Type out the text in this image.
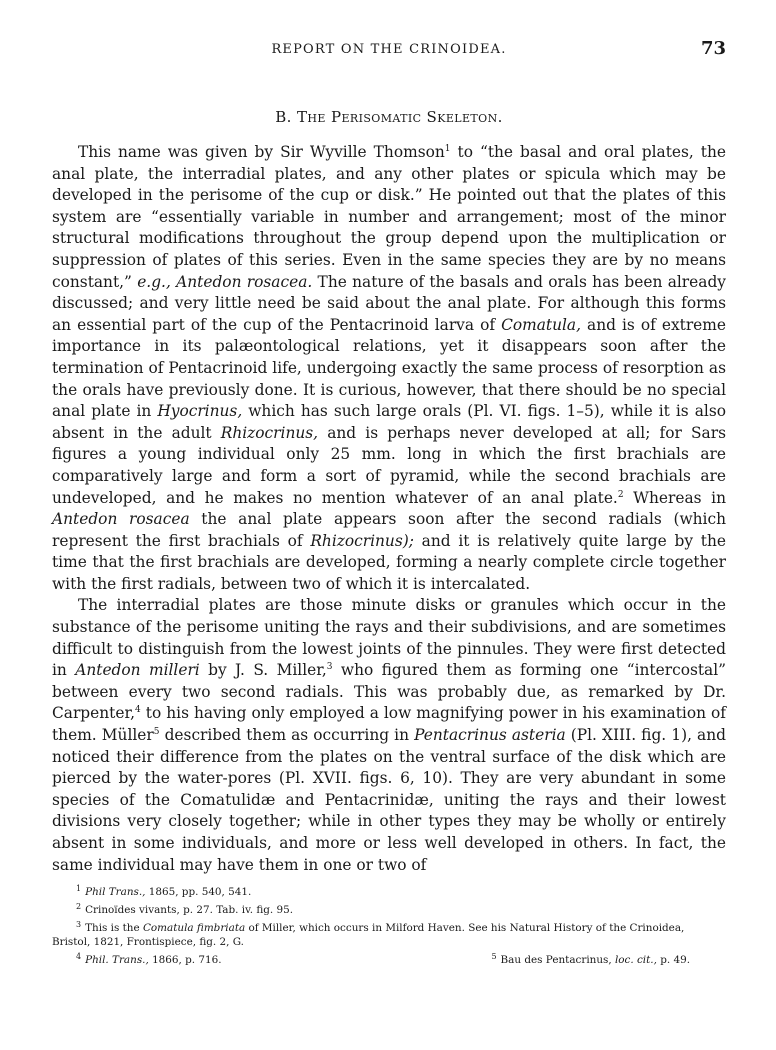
REPORT ON THE CRINOIDEA.	73
B. The Perisomatic Skeleton.

This name was given by Sir Wyville Thomson$^1$ to “the basal and oral plates, the anal plate, the interradial plates, and any other plates or spicula which may be developed in the perisome of the cup or disk.” He pointed out that the plates of this system are “essentially variable in number and arrangement; most of the minor structural modifications throughout the group depend upon the multiplication or suppression of plates of this series. Even in the same species they are by no means constant,” e.g., Antedon rosacea. The nature of the basals and orals has been already discussed; and very little need be said about the anal plate. For although this forms an essential part of the cup of the Pentacrinoid larva of Comatula, and is of extreme importance in its palæontological relations, yet it disappears soon after the termination of Pentacrinoid life, undergoing exactly the same process of resorption as the orals have previously done. It is curious, however, that there should be no special anal plate in Hyocrinus, which has such large orals (Pl. VI. figs. 1–5), while it is also absent in the adult Rhizocrinus, and is perhaps never developed at all; for Sars figures a young individual only 25 mm. long in which the first brachials are comparatively large and form a sort of pyramid, while the second brachials are undeveloped, and he makes no mention whatever of an anal plate.$^2$ Whereas in Antedon rosacea the anal plate appears soon after the second radials (which represent the first brachials of Rhizocrinus); and it is relatively quite large by the time that the first brachials are developed, forming a nearly complete circle together with the first radials, between two of which it is intercalated.

The interradial plates are those minute disks or granules which occur in the substance of the perisome uniting the rays and their subdivisions, and are sometimes difficult to distinguish from the lowest joints of the pinnules. They were first detected in Antedon milleri by J. S. Miller,$^3$ who figured them as forming one “intercostal” between every two second radials. This was probably due, as remarked by Dr. Carpenter,$^4$ to his having only employed a low magnifying power in his examination of them. Müller$^5$ described them as occurring in Pentacrinus asteria (Pl. XIII. fig. 1), and noticed their difference from the plates on the ventral surface of the disk which are pierced by the water-pores (Pl. XVII. figs. 6, 10). They are very abundant in some species of the Comatulidæ and Pentacrinidæ, uniting the rays and their lowest divisions very closely together; while in other types they may be wholly or entirely absent in some individuals, and more or less well developed in others. In fact, the same individual may have them in one or two of

$^1$ Phil Trans., 1865, pp. 540, 541.

$^2$ Crinoïdes vivants, p. 27. Tab. iv. fig. 95.

$^3$ This is the Comatula fimbriata of Miller, which occurs in Milford Haven. See his Natural History of the Crinoidea,

Bristol, 1821, Frontispiece, fig. 2, G.

$^4$ Phil. Trans., 1866, p. 716.	$^5$ Bau des Pentacrinus, loc. cit., p. 49.
